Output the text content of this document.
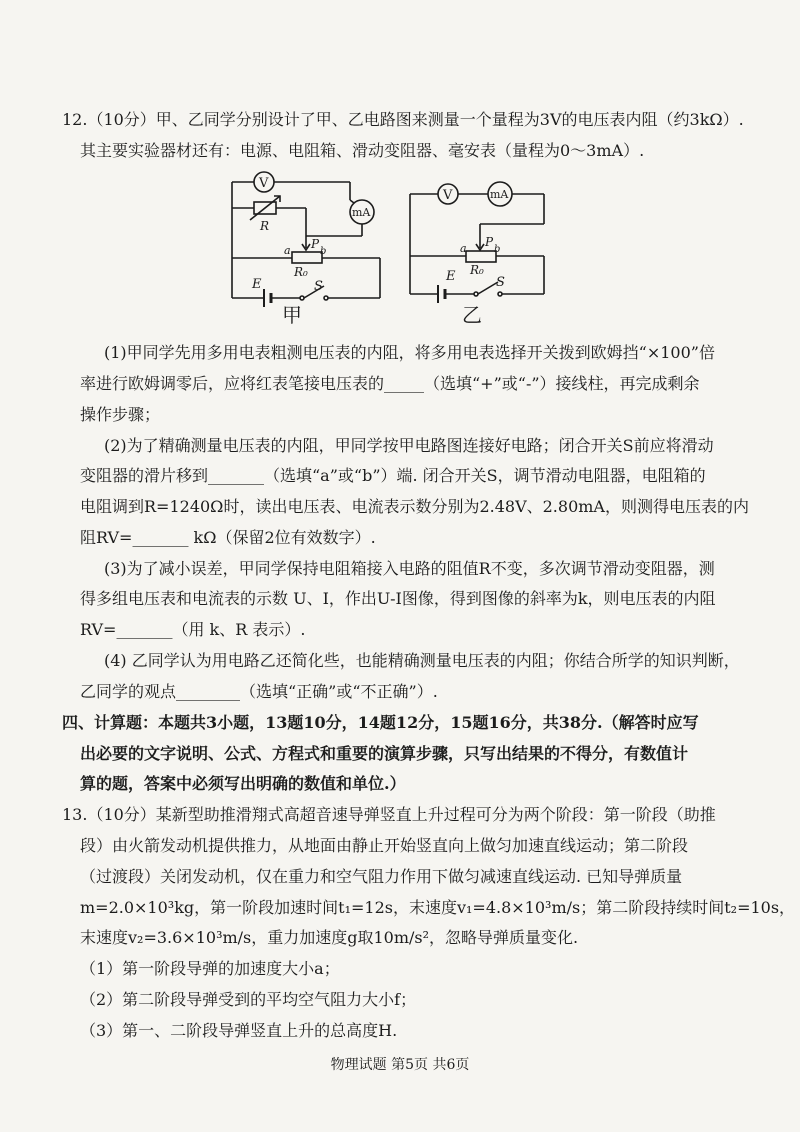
12.（10分）甲、乙同学分别设计了甲、乙电路图来测量一个量程为3V的电压表内阻（约3kΩ）.
其主要实验器材还有：电源、电阻箱、滑动变阻器、毫安表（量程为0～3mA）.
V
mA
R
P
b
a
R₀
E	S
甲
V	mA
P
b
a
R₀
E	S
乙
(1)甲同学先用多用电表粗测电压表的内阻，将多用电表选择开关拨到欧姆挡“×100”倍
率进行欧姆调零后，应将红表笔接电压表的_____（选填“+”或“-”）接线柱，再完成剩余
操作步骤；
(2)为了精确测量电压表的内阻，甲同学按甲电路图连接好电路；闭合开关S前应将滑动
变阻器的滑片移到_______（选填“a”或“b”）端. 闭合开关S，调节滑动电阻器，电阻箱的
电阻调到R=1240Ω时，读出电压表、电流表示数分别为2.48V、2.80mA，则测得电压表的内
阻RV=_______ kΩ（保留2位有效数字）.
(3)为了减小误差，甲同学保持电阻箱接入电路的阻值R不变，多次调节滑动变阻器，测
得多组电压表和电流表的示数 U、I，作出U-I图像，得到图像的斜率为k，则电压表的内阻
RV=_______（用 k、R 表示）.
(4) 乙同学认为用电路乙还简化些，也能精确测量电压表的内阻；你结合所学的知识判断，
乙同学的观点________（选填“正确”或“不正确”）.
四、计算题：本题共3小题，13题10分，14题12分，15题16分，共38分.（解答时应写
出必要的文字说明、公式、方程式和重要的演算步骤，只写出结果的不得分，有数值计
算的题，答案中必须写出明确的数值和单位.）
13.（10分）某新型助推滑翔式高超音速导弹竖直上升过程可分为两个阶段：第一阶段（助推
段）由火箭发动机提供推力，从地面由静止开始竖直向上做匀加速直线运动；第二阶段
（过渡段）关闭发动机，仅在重力和空气阻力作用下做匀减速直线运动. 已知导弹质量
m=2.0×10³kg，第一阶段加速时间t₁=12s，末速度v₁=4.8×10³m/s；第二阶段持续时间t₂=10s，
末速度v₂=3.6×10³m/s，重力加速度g取10m/s²，忽略导弹质量变化.
（1）第一阶段导弹的加速度大小a；
（2）第二阶段导弹受到的平均空气阻力大小f；
（3）第一、二阶段导弹竖直上升的总高度H.
物理试题 第5页 共6页
